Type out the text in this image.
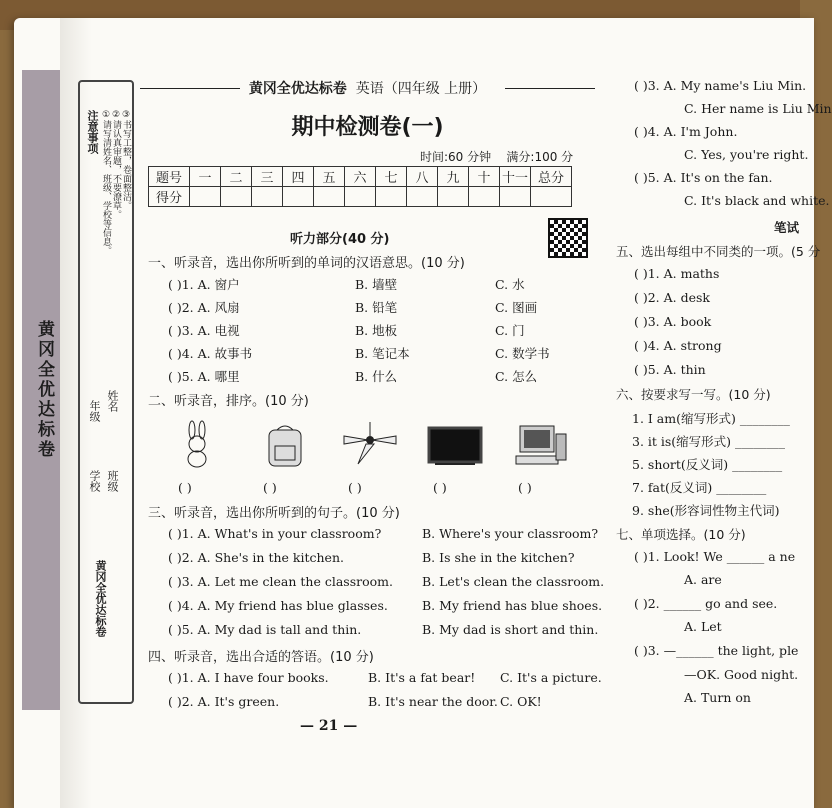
黄冈全优达标卷
注意事项 ①请写清姓名、班级、学校等信息。 ②请认真审题，不要潦草。 ③书写工整，卷面整洁。
学校 班级
年级 姓名
黄冈全优达标卷
黄冈全优达标卷 英语（四年级 上册）
期中检测卷(一)
时间:60 分钟 满分:100 分
题号	一	二	三	四	五	六	七	八	九	十	十一	总分
得分												
听力部分(40 分)
一、听录音，选出你所听到的单词的汉语意思。(10 分)
( )1. A. 窗户	B. 墙壁	C. 水
( )2. A. 风扇	B. 铅笔	C. 图画
( )3. A. 电视	B. 地板	C. 门
( )4. A. 故事书	B. 笔记本	C. 数学书
( )5. A. 哪里	B. 什么	C. 怎么
二、听录音，排序。(10 分)
( )	( )	( )	( )	( )
三、听录音，选出你所听到的句子。(10 分)
( )1. A. What's in your classroom?	B. Where's your classroom?
( )2. A. She's in the kitchen.	B. Is she in the kitchen?
( )3. A. Let me clean the classroom. B. Let's clean the classroom.
( )4. A. My friend has blue glasses.	B. My friend has blue shoes.
( )5. A. My dad is tall and thin.	B. My dad is short and thin.
四、听录音，选出合适的答语。(10 分)
( )1. A. I have four books.	B. It's a fat bear! C. It's a picture.
( )2. A. It's green.	B. It's near the door. C. OK!
— 21 —
( )3. A. My name's Liu Min.
C. Her name is Liu Min
( )4. A. I'm John.
C. Yes, you're right.
( )5. A. It's on the fan.
C. It's black and white.
笔试
五、选出每组中不同类的一项。(5 分
( )1. A. maths
( )2. A. desk
( )3. A. book
( )4. A. strong
( )5. A. thin
六、按要求写一写。(10 分)
1. I am(缩写形式) ________
3. it is(缩写形式) ________
5. short(反义词) ________
7. fat(反义词) ________
9. she(形容词性物主代词)
七、单项选择。(10 分)
( )1. Look! We ______ a ne
A. are
( )2. ______ go and see.
A. Let
( )3. —______ the light, ple
—OK. Good night.
A. Turn on
